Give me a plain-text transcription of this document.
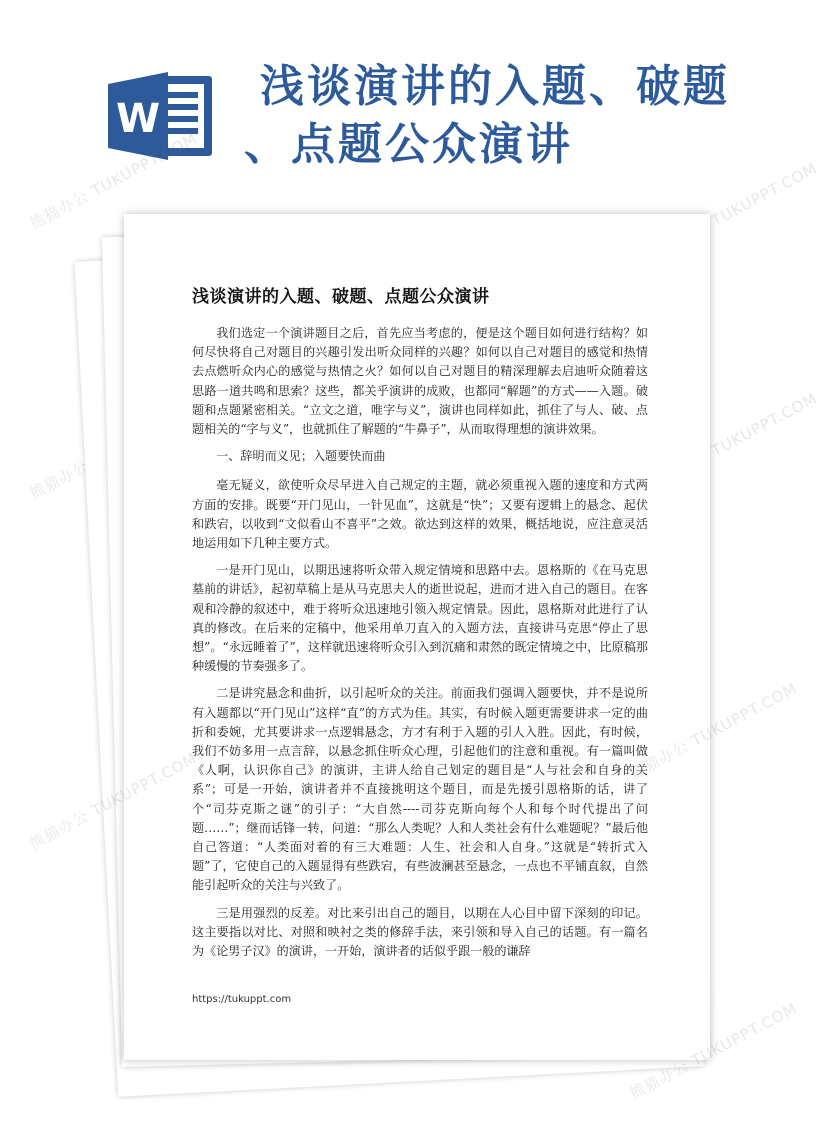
W
浅谈演讲的入题、破题
、点题公众演讲
熊猫办公 TUKUPPT.COM	熊猫办公 TUKUPPT.COM
熊猫办公	熊猫办公 TUKUPPT.COM
浅谈演讲的入题、破题、点题公众演讲

我们选定一个演讲题目之后，首先应当考虑的，便是这个题目如何进行结构？如何尽快将自己对题目的兴趣引发出听众同样的兴趣？如何以自己对题目的感觉和热情去点燃听众内心的感觉与热情之火？如何以自己对题目的精深理解去启迪听众随着这思路一道共鸣和思索？这些，都关乎演讲的成败，也都同“解题”的方式——入题。破题和点题紧密相关。“立文之道，唯字与义”，演讲也同样如此，抓住了与人、破、点题相关的“字与义”，也就抓住了解题的“牛鼻子”，从而取得理想的演讲效果。

一、辞明而义见；入题要快而曲

毫无疑义，欲使听众尽早进入自己规定的主题，就必须重视入题的速度和方式两方面的安排。既要“开门见山，一针见血”，这就是“快”；又要有逻辑上的悬念、起伏和跌宕，以收到“文似看山不喜平”之效。欲达到这样的效果，概括地说，应注意灵活地运用如下几种主要方式。

一是开门见山，以期迅速将听众带入规定情境和思路中去。恩格斯的《在马克思墓前的讲话》，起初草稿上是从马克思夫人的逝世说起，进而才进入自己的题目。在客观和冷静的叙述中，难于将听众迅速地引领入规定情景。因此，恩格斯对此进行了认真的修改。在后来的定稿中，他采用单刀直入的入题方法，直接讲马克思“停止了思想”。“永远睡着了”，这样就迅速将听众引入到沉痛和肃然的既定情境之中，比原稿那种缓慢的节奏强多了。

二是讲究悬念和曲折，以引起听众的关注。前面我们强调入题要快，并不是说所有入题都以“开门见山”这样“直”的方式为佳。其实，有时候入题更需要讲求一定的曲折和委婉，尤其要讲求一点逻辑悬念，方才有利于入题的引人入胜。因此，有时候，我们不妨多用一点言辞，以悬念抓住听众心理，引起他们的注意和重视。有一篇叫做《人啊，认识你自己》的演讲，主讲人给自己划定的题目是“人与社会和自身的关系”；可是一开始，演讲者并不直接挑明这个题目，而是先援引恩格斯的话，讲了个“司芬克斯之谜”的引子：“大自然----司芬克斯向每个人和每个时代提出了问题……”；继而话锋一转，问道：“那么人类呢？人和人类社会有什么难题呢？”最后他自己答道：“人类面对着的有三大难题：人生、社会和人自身。”这就是“转折式入题”了，它使自己的入题显得有些跌宕，有些波澜甚至悬念，一点也不平铺直叙，自然能引起听众的关注与兴致了。

三是用强烈的反差。对比来引出自己的题目，以期在人心目中留下深刻的印记。这主要指以对比、对照和映衬之类的修辞手法，来引领和导入自己的话题。有一篇名为《论男子汉》的演讲，一开始，演讲者的话似乎跟一般的谦辞

https://tukuppt.com
熊猫办公
熊猫办公 TUKUPPT.COM
熊猫办公 TUKUPPT.COM
